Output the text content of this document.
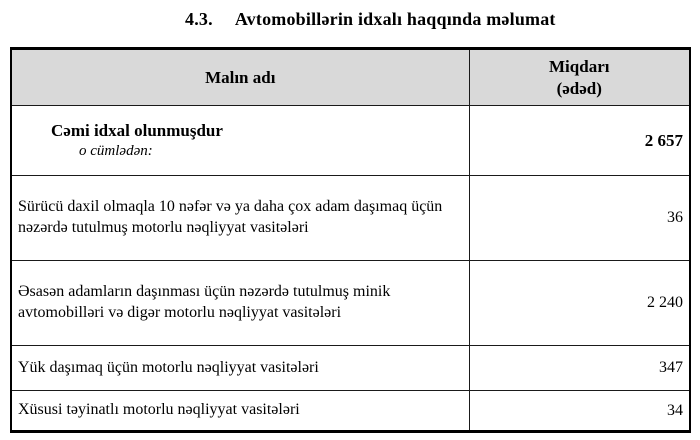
4.3. Avtomobillərin idxalı haqqında məlumat
Malın adı	Miqdarı
(ədəd)

Cəmi idxal olunmuşdur
o cümlədən:	2 657
Sürücü daxil olmaqla 10 nəfər və ya daha çox adam daşımaq üçün nəzərdə tutulmuş motorlu nəqliyyat vasitələri	36
Əsasən adamların daşınması üçün nəzərdə tutulmuş minik avtomobilləri və digər motorlu nəqliyyat vasitələri	2 240
Yük daşımaq üçün motorlu nəqliyyat vasitələri	347
Xüsusi təyinatlı motorlu nəqliyyat vasitələri	34
